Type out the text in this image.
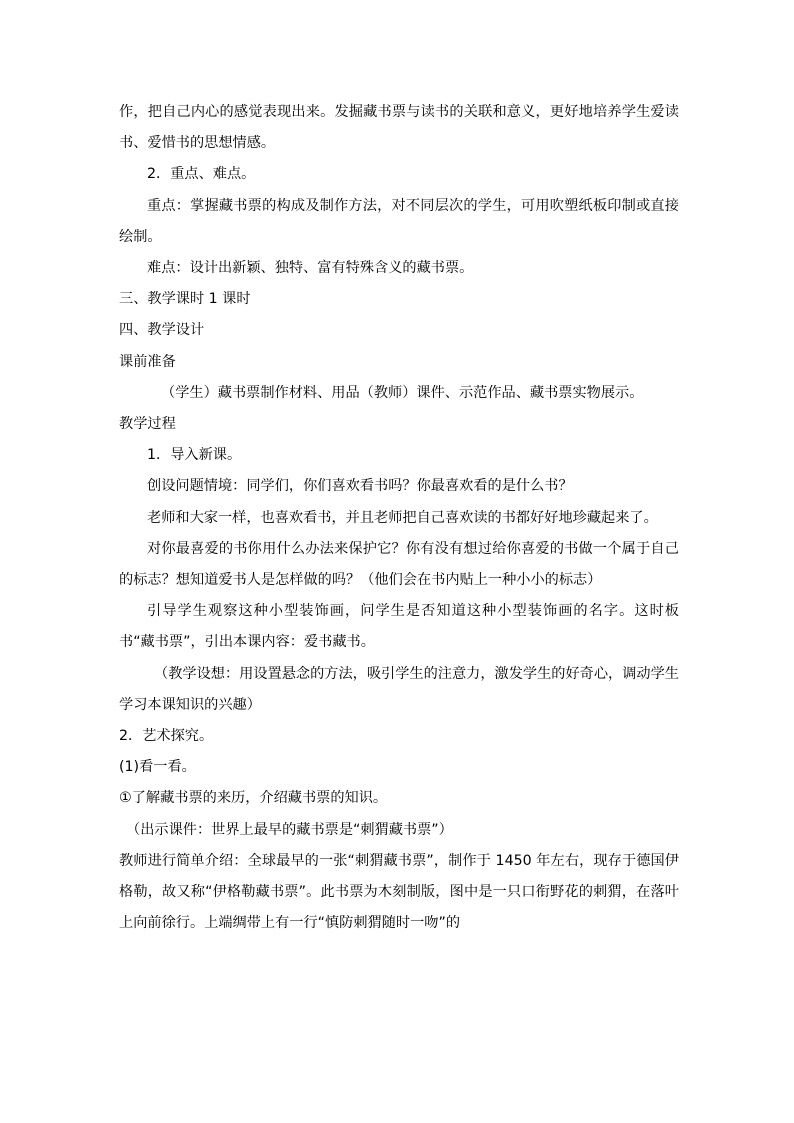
作，把自己内心的感觉表现出来。发掘藏书票与读书的关联和意义，更好地培养学生爱读书、爱惜书的思想情感。

2．重点、难点。

重点：掌握藏书票的构成及制作方法，对不同层次的学生，可用吹塑纸板印制或直接绘制。

难点：设计出新颖、独特、富有特殊含义的藏书票。

三、教学课时 1 课时

四、教学设计

课前准备

（学生）藏书票制作材料、用品（教师）课件、示范作品、藏书票实物展示。

教学过程

1．导入新课。

创设问题情境：同学们，你们喜欢看书吗？你最喜欢看的是什么书？

老师和大家一样，也喜欢看书，并且老师把自己喜欢读的书都好好地珍藏起来了。

对你最喜爱的书你用什么办法来保护它？你有没有想过给你喜爱的书做一个属于自己的标志？想知道爱书人是怎样做的吗？（他们会在书内贴上一种小小的标志）

引导学生观察这种小型装饰画，问学生是否知道这种小型装饰画的名字。这时板书“藏书票”，引出本课内容：爱书藏书。

（教学设想：用设置悬念的方法，吸引学生的注意力，激发学生的好奇心，调动学生学习本课知识的兴趣）

2．艺术探究。

(1)看一看。

①了解藏书票的来历，介绍藏书票的知识。

（出示课件：世界上最早的藏书票是“刺猬藏书票”）

教师进行简单介绍：全球最早的一张“刺猬藏书票”，制作于 1450 年左右，现存于德国伊格勒，故又称“伊格勒藏书票”。此书票为木刻制版，图中是一只口衔野花的刺猬，在落叶上向前徐行。上端绸带上有一行“慎防刺猬随时一吻”的
